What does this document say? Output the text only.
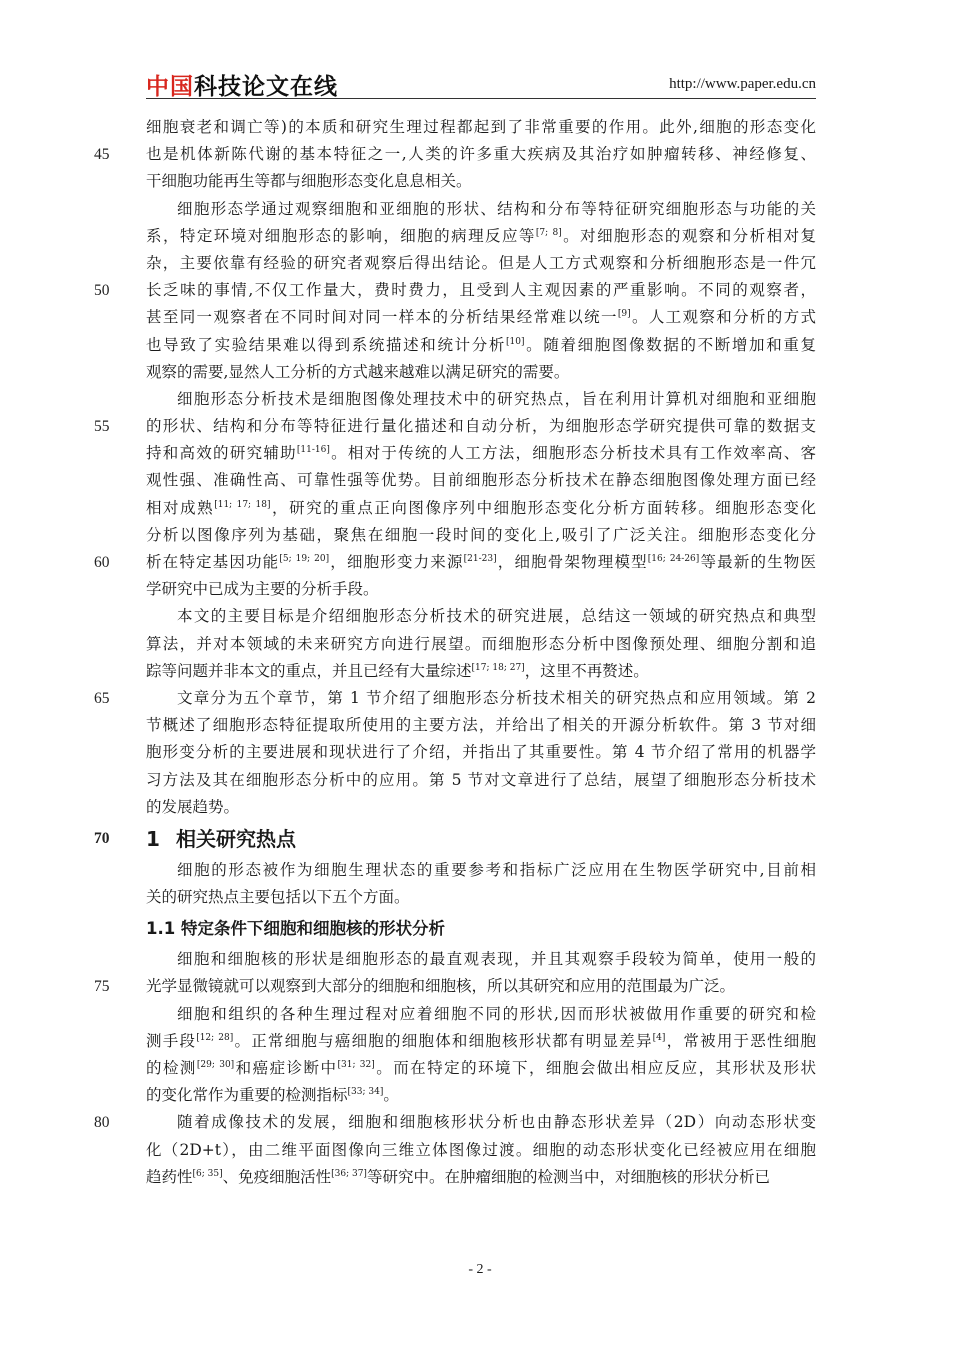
中国科技论文在线	http://www.paper.edu.cn
细胞衰老和调亡等)的本质和研究生理过程都起到了非常重要的作用。此外,细胞的形态变化
45	也是机体新陈代谢的基本特征之一,人类的许多重大疾病及其治疗如肿瘤转移、神经修复、
干细胞功能再生等都与细胞形态变化息息相关。
细胞形态学通过观察细胞和亚细胞的形状、结构和分布等特征研究细胞形态与功能的关
系，特定环境对细胞形态的影响，细胞的病理反应等[7; 8]。对细胞形态的观察和分析相对复
杂，主要依靠有经验的研究者观察后得出结论。但是人工方式观察和分析细胞形态是一件冗
50	长乏味的事情,不仅工作量大，费时费力，且受到人主观因素的严重影响。不同的观察者，
甚至同一观察者在不同时间对同一样本的分析结果经常难以统一[9]。人工观察和分析的方式
也导致了实验结果难以得到系统描述和统计分析[10]。随着细胞图像数据的不断增加和重复
观察的需要,显然人工分析的方式越来越难以满足研究的需要。
细胞形态分析技术是细胞图像处理技术中的研究热点，旨在利用计算机对细胞和亚细胞
55	的形状、结构和分布等特征进行量化描述和自动分析，为细胞形态学研究提供可靠的数据支
持和高效的研究辅助[11-16]。相对于传统的人工方法，细胞形态分析技术具有工作效率高、客
观性强、准确性高、可靠性强等优势。目前细胞形态分析技术在静态细胞图像处理方面已经
相对成熟[11; 17; 18]，研究的重点正向图像序列中细胞形态变化分析方面转移。细胞形态变化
分析以图像序列为基础，聚焦在细胞一段时间的变化上,吸引了广泛关注。细胞形态变化分
60	析在特定基因功能[5; 19; 20]，细胞形变力来源[21-23]，细胞骨架物理模型[16; 24-26]等最新的生物医
学研究中已成为主要的分析手段。
本文的主要目标是介绍细胞形态分析技术的研究进展，总结这一领域的研究热点和典型
算法，并对本领域的未来研究方向进行展望。而细胞形态分析中图像预处理、细胞分割和追
踪等问题并非本文的重点，并且已经有大量综述[17; 18; 27]，这里不再赘述。
65	文章分为五个章节，第 1 节介绍了细胞形态分析技术相关的研究热点和应用领域。第 2
节概述了细胞形态特征提取所使用的主要方法，并给出了相关的开源分析软件。第 3 节对细
胞形变分析的主要进展和现状进行了介绍，并指出了其重要性。第 4 节介绍了常用的机器学
习方法及其在细胞形态分析中的应用。第 5 节对文章进行了总结，展望了细胞形态分析技术
的发展趋势。
70	1 相关研究热点
细胞的形态被作为细胞生理状态的重要参考和指标广泛应用在生物医学研究中,目前相
关的研究热点主要包括以下五个方面。
1.1 特定条件下细胞和细胞核的形状分析
细胞和细胞核的形状是细胞形态的最直观表现，并且其观察手段较为简单，使用一般的
75	光学显微镜就可以观察到大部分的细胞和细胞核，所以其研究和应用的范围最为广泛。
细胞和组织的各种生理过程对应着细胞不同的形状,因而形状被做用作重要的研究和检
测手段[12; 28]。正常细胞与癌细胞的细胞体和细胞核形状都有明显差异[4]，常被用于恶性细胞
的检测[29; 30]和癌症诊断中[31; 32]。而在特定的环境下，细胞会做出相应反应，其形状及形状
的变化常作为重要的检测指标[33; 34]。
80	随着成像技术的发展，细胞和细胞核形状分析也由静态形状差异（2D）向动态形状变
化（2D+t），由二维平面图像向三维立体图像过渡。细胞的动态形状变化已经被应用在细胞
趋药性[6; 35]、免疫细胞活性[36; 37]等研究中。在肿瘤细胞的检测当中，对细胞核的形状分析已
- 2 -
